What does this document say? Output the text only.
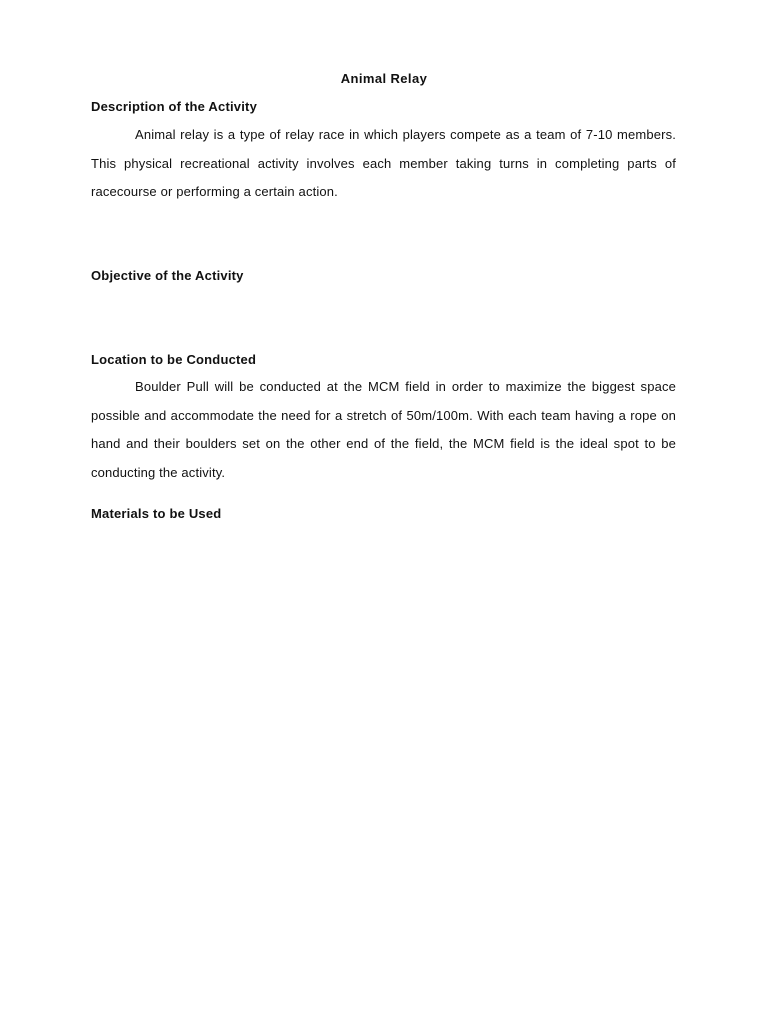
Animal Relay
Description of the Activity

Animal relay is a type of relay race in which players compete as a team of 7-10 members. This physical recreational activity involves each member taking turns in completing parts of racecourse or performing a certain action.

Objective of the Activity
Location to be Conducted

Boulder Pull will be conducted at the MCM field in order to maximize the biggest space possible and accommodate the need for a stretch of 50m/100m. With each team having a rope on hand and their boulders set on the other end of the field, the MCM field is the ideal spot to be conducting the activity.

Materials to be Used
